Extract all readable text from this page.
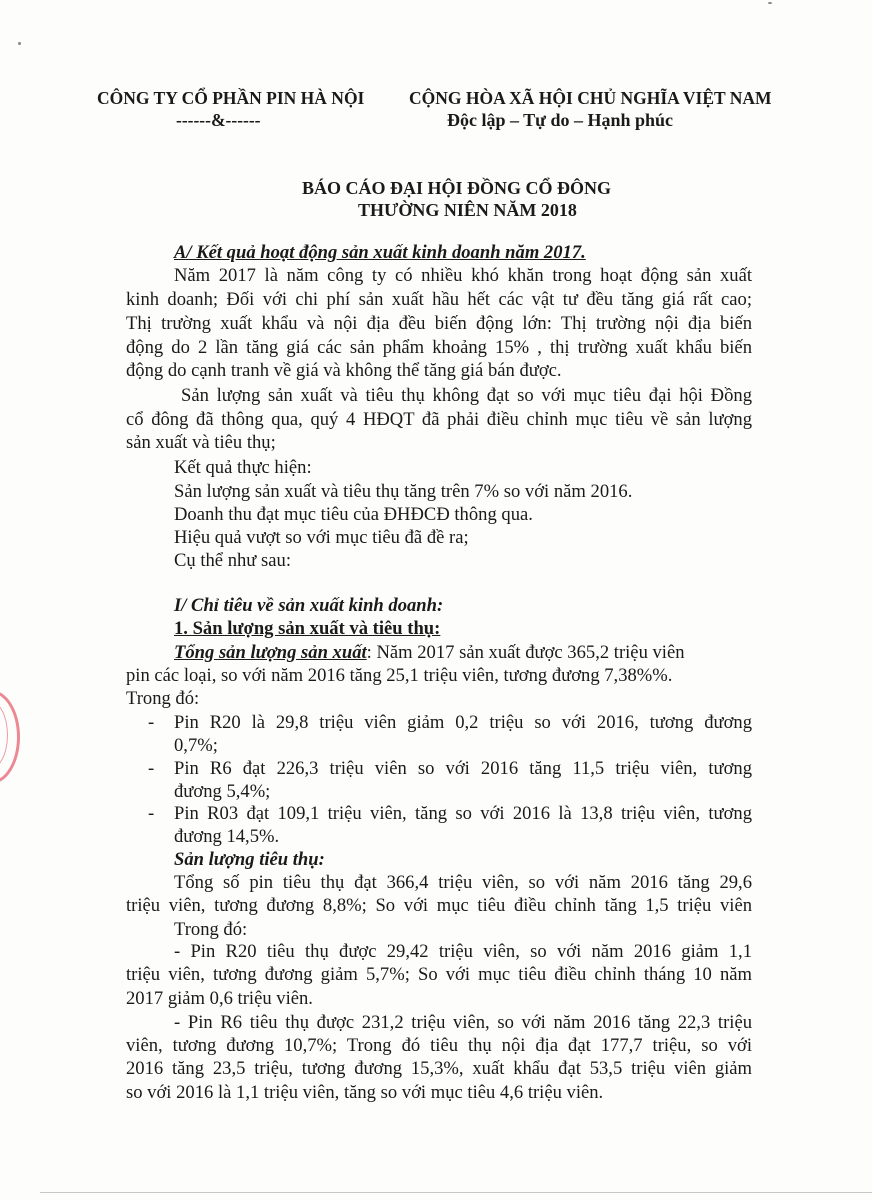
CÔNG TY CỔ PHẦN PIN HÀ NỘI
------&------
CỘNG HÒA XÃ HỘI CHỦ NGHĨA VIỆT NAM
Độc lập – Tự do – Hạnh phúc
BÁO CÁO ĐẠI HỘI ĐỒNG CỔ ĐÔNG
THƯỜNG NIÊN NĂM 2018
A/ Kết quả hoạt động sản xuất kinh doanh năm 2017.
Năm 2017 là năm công ty có nhiều khó khăn trong hoạt động sản xuất
kinh doanh; Đối với chi phí sản xuất hầu hết các vật tư đều tăng giá rất cao;
Thị trường xuất khẩu và nội địa đều biến động lớn: Thị trường nội địa biến
động do 2 lần tăng giá các sản phẩm khoảng 15% , thị trường xuất khẩu biến
động do cạnh tranh về giá và không thể tăng giá bán được.
Sản lượng sản xuất và tiêu thụ không đạt so với mục tiêu đại hội Đồng
cổ đông đã thông qua, quý 4 HĐQT đã phải điều chỉnh mục tiêu về sản lượng
sản xuất và tiêu thụ;
Kết quả thực hiện:
Sản lượng sản xuất và tiêu thụ tăng trên 7% so với năm 2016.
Doanh thu đạt mục tiêu của ĐHĐCĐ thông qua.
Hiệu quả vượt so với mục tiêu đã đề ra;
Cụ thể như sau:
I/ Chỉ tiêu về sản xuất kinh doanh:
1. Sản lượng sản xuất và tiêu thụ:
Tổng sản lượng sản xuất: Năm 2017 sản xuất được 365,2 triệu viên
pin các loại, so với năm 2016 tăng 25,1 triệu viên, tương đương 7,38%%.
Trong đó:
- Pin R20 là 29,8 triệu viên giảm 0,2 triệu so với 2016, tương đương
0,7%;
- Pin R6 đạt 226,3 triệu viên so với 2016 tăng 11,5 triệu viên, tương
đương 5,4%;
- Pin R03 đạt 109,1 triệu viên, tăng so với 2016 là 13,8 triệu viên, tương
đương 14,5%.
Sản lượng tiêu thụ:
Tổng số pin tiêu thụ đạt 366,4 triệu viên, so với năm 2016 tăng 29,6
triệu viên, tương đương 8,8%; So với mục tiêu điều chỉnh tăng 1,5 triệu viên
Trong đó:
- Pin R20 tiêu thụ được 29,42 triệu viên, so với năm 2016 giảm 1,1
triệu viên, tương đương giảm 5,7%; So với mục tiêu điều chỉnh tháng 10 năm
2017 giảm 0,6 triệu viên.
- Pin R6 tiêu thụ được 231,2 triệu viên, so với năm 2016 tăng 22,3 triệu
viên, tương đương 10,7%; Trong đó tiêu thụ nội địa đạt 177,7 triệu, so với
2016 tăng 23,5 triệu, tương đương 15,3%, xuất khẩu đạt 53,5 triệu viên giảm
so với 2016 là 1,1 triệu viên, tăng so với mục tiêu 4,6 triệu viên.
